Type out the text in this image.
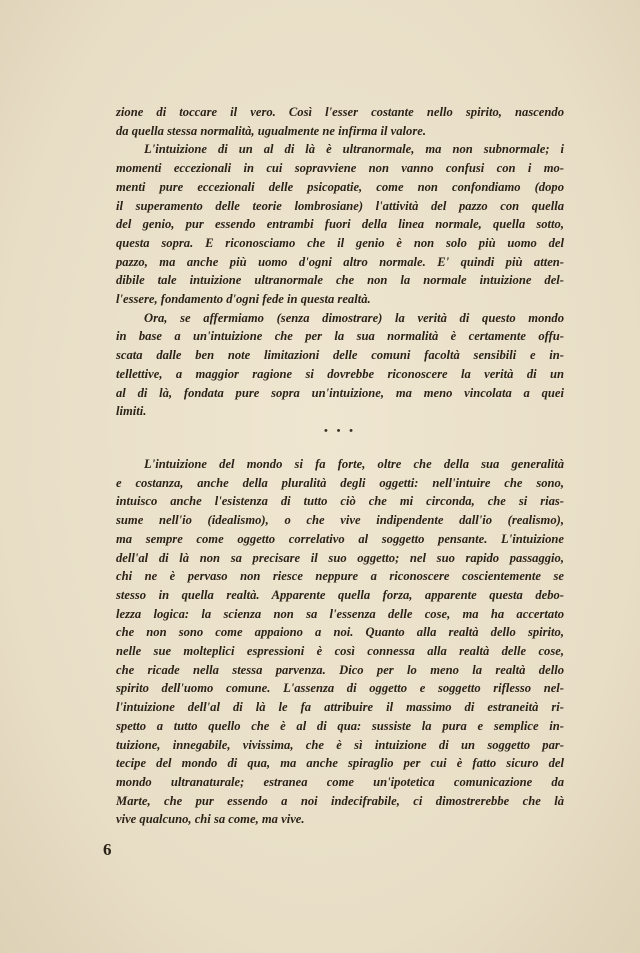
zione di toccare il vero. Così l'esser costante nello spirito, nascendo
da quella stessa normalità, ugualmente ne infirma il valore.
L'intuizione di un al di là è ultranormale, ma non subnormale; i
momenti eccezionali in cui sopravviene non vanno confusi con i mo-
menti pure eccezionali delle psicopatie, come non confondiamo (dopo
il superamento delle teorie lombrosiane) l'attività del pazzo con quella
del genio, pur essendo entrambi fuori della linea normale, quella sotto,
questa sopra. E riconosciamo che il genio è non solo più uomo del
pazzo, ma anche più uomo d'ogni altro normale. E' quindi più atten-
dibile tale intuizione ultranormale che non la normale intuizione del-
l'essere, fondamento d'ogni fede in questa realtà.
Ora, se affermiamo (senza dimostrare) la verità di questo mondo
in base a un'intuizione che per la sua normalità è certamente offu-
scata dalle ben note limitazioni delle comuni facoltà sensibili e in-
tellettive, a maggior ragione si dovrebbe riconoscere la verità di un
al di là, fondata pure sopra un'intuizione, ma meno vincolata a quei
limiti.
• • •
L'intuizione del mondo si fa forte, oltre che della sua generalità
e costanza, anche della pluralità degli oggetti: nell'intuire che sono,
intuisco anche l'esistenza di tutto ciò che mi circonda, che si rias-
sume nell'io (idealismo), o che vive indipendente dall'io (realismo),
ma sempre come oggetto correlativo al soggetto pensante. L'intuizione
dell'al di là non sa precisare il suo oggetto; nel suo rapido passaggio,
chi ne è pervaso non riesce neppure a riconoscere coscientemente se
stesso in quella realtà. Apparente quella forza, apparente questa debo-
lezza logica: la scienza non sa l'essenza delle cose, ma ha accertato
che non sono come appaiono a noi. Quanto alla realtà dello spirito,
nelle sue molteplici espressioni è così connessa alla realtà delle cose,
che ricade nella stessa parvenza. Dico per lo meno la realtà dello
spirito dell'uomo comune. L'assenza di oggetto e soggetto riflesso nel-
l'intuizione dell'al di là le fa attribuire il massimo di estraneità ri-
spetto a tutto quello che è al di qua: sussiste la pura e semplice in-
tuizione, innegabile, vivissima, che è sì intuizione di un soggetto par-
tecipe del mondo di qua, ma anche spiraglio per cui è fatto sicuro del
mondo ultranaturale; estranea come un'ipotetica comunicazione da
Marte, che pur essendo a noi indecifrabile, ci dimostrerebbe che là
vive qualcuno, chi sa come, ma vive.
6
